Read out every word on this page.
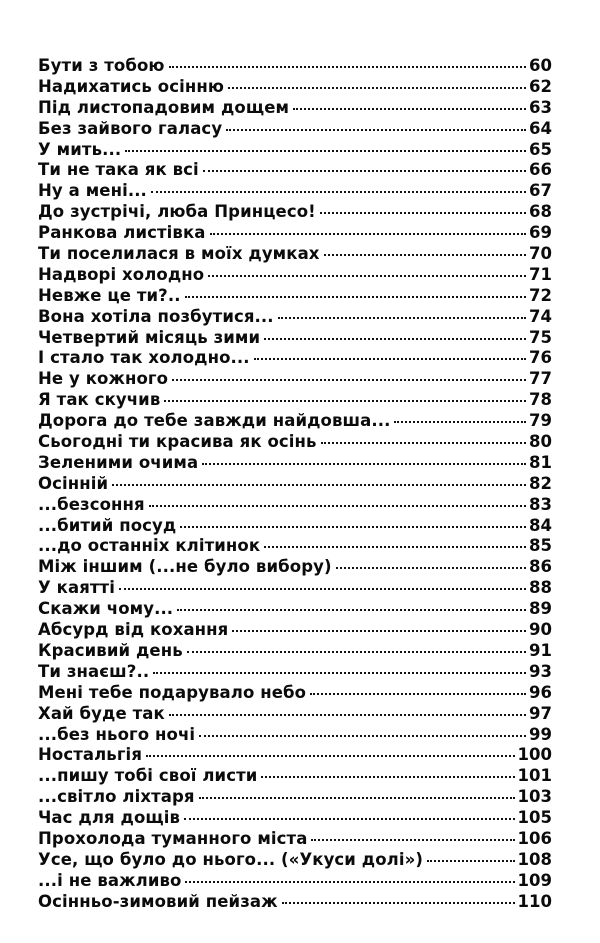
Бути з тобою	60
Надихатись осінню	62
Під листопадовим дощем	63
Без зайвого галасу	64
У мить...	65
Ти не така як всі	66
Ну а мені...	67
До зустрічі, люба Принцесо!	68
Ранкова листівка	69
Ти поселилася в моїх думках	70
Надворі холодно	71
Невже це ти?..	72
Вона хотіла позбутися...	74
Четвертий місяць зими	75
І стало так холодно...	76
Не у кожного	77
Я так скучив	78
Дорога до тебе завжди найдовша...	79
Сьогодні ти красива як осінь	80
Зеленими очима	81
Осінній	82
...безсоння	83
...битий посуд	84
...до останніх клітинок	85
Між іншим (...не було вибору)	86
У каятті	88
Скажи чому...	89
Абсурд від кохання	90
Красивий день	91
Ти знаєш?..	93
Мені тебе подарувало небо	96
Хай буде так	97
...без нього ночі	99
Ностальгія	100
...пишу тобі свої листи	101
...світло ліхтаря	103
Час для дощів	105
Прохолода туманного міста	106
Усе, що було до нього... («Укуси долі»)	108
...і не важливо	109
Осінньо-зимовий пейзаж	110
